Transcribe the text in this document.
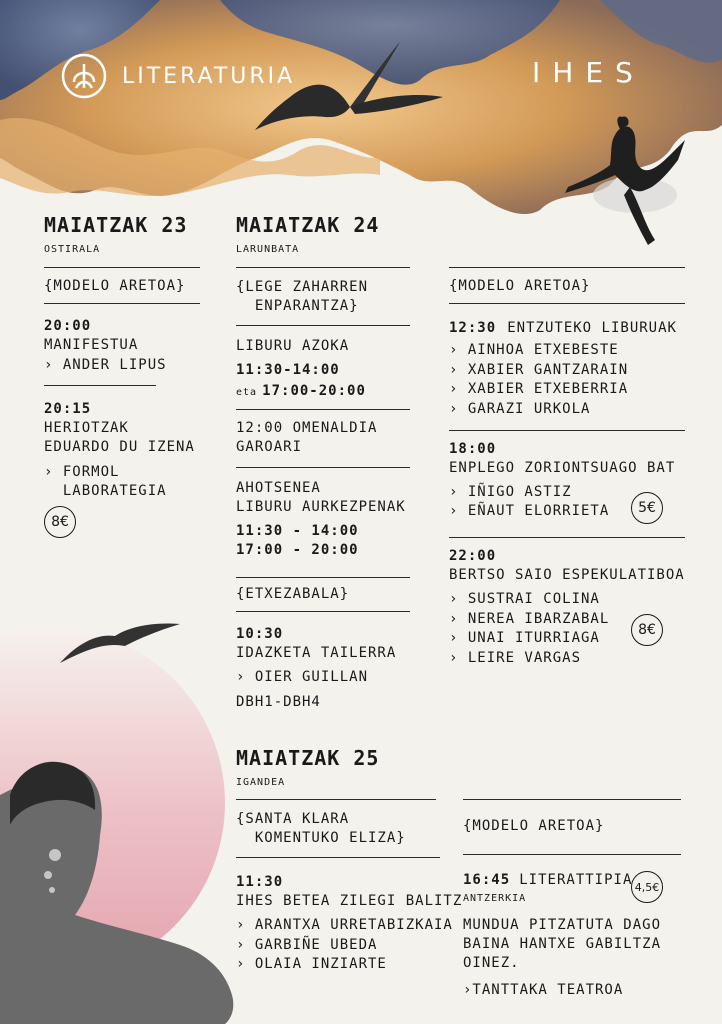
LITERATURIA	IHES
MAIATZAK 23
OSTIRALA
{MODELO ARETOA}
20:00
MANIFESTUA
› ANDER LIPUS
20:15
HERIOTZAK
EDUARDO DU IZENA
› FORMOL
LABORATEGIA
8€
MAIATZAK 24
LARUNBATA
{LEGE ZAHARREN
ENPARANTZA}
LIBURU AZOKA
11:30-14:00
eta 17:00-20:00
12:00 OMENALDIA
GAROARI
AHOTSENEA
LIBURU AURKEZPENAK
11:30 - 14:00
17:00 - 20:00
{ETXEZABALA}
10:30
IDAZKETA TAILERRA
› OIER GUILLAN
DBH1-DBH4
{MODELO ARETOA}
12:30 ENTZUTEKO LIBURUAK
› AINHOA ETXEBESTE
› XABIER GANTZARAIN
› XABIER ETXEBERRIA
› GARAZI URKOLA
18:00
ENPLEGO ZORIONTSUAGO BAT
› IÑIGO ASTIZ
› EÑAUT ELORRIETA	5€
22:00
BERTSO SAIO ESPEKULATIBOA
› SUSTRAI COLINA
› NEREA IBARZABAL
› UNAI ITURRIAGA
› LEIRE VARGAS
8€
MAIATZAK 25
IGANDEA
{SANTA KLARA
KOMENTUKO ELIZA}
11:30
IHES BETEA ZILEGI BALITZ
› ARANTXA URRETABIZKAIA
› GARBIÑE UBEDA
› OLAIA INZIARTE
{MODELO ARETOA}
16:45 LITERATTIPIA
ANTZERKIA
4,5€
MUNDUA PITZATUTA DAGO
BAINA HANTXE GABILTZA
OINEZ.
›TANTTAKA TEATROA
